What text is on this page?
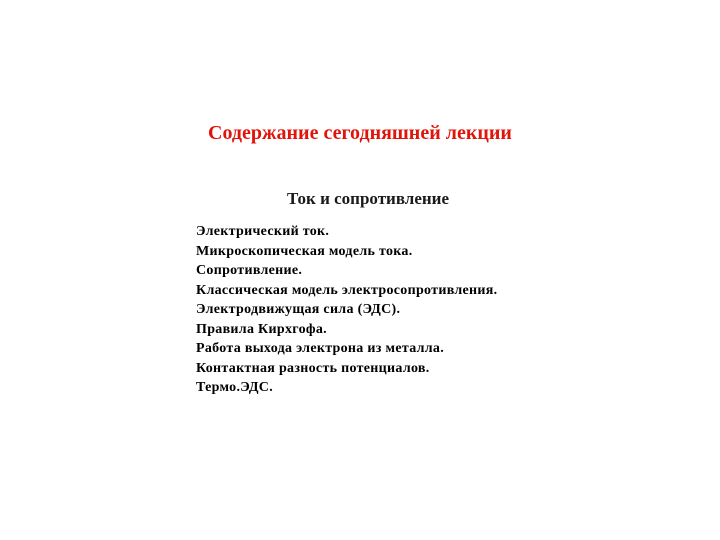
Содержание сегодняшней лекции
Ток и сопротивление
Электрический ток.
Микроскопическая модель тока.
Сопротивление.
Классическая модель электросопротивления.
Электродвижущая сила (ЭДС).
Правила Кирхгофа.
Работа выхода электрона из металла.
Контактная разность потенциалов.
Термо.ЭДС.
